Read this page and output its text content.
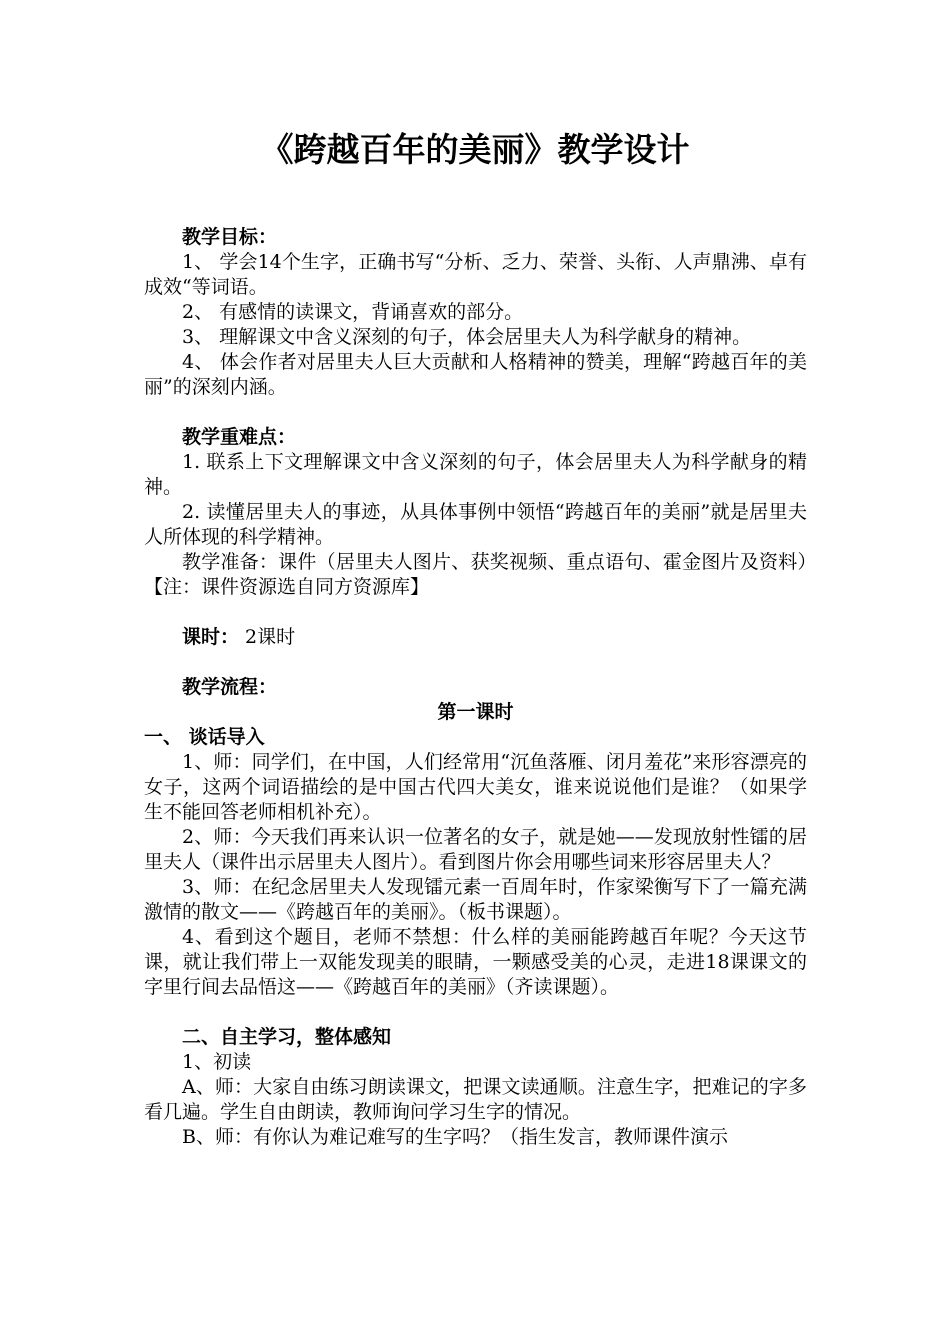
《跨越百年的美丽》教学设计

教学目标：

1、 学会14个生字，正确书写“分析、乏力、荣誉、头衔、人声鼎沸、卓有成效“等词语。

2、 有感情的读课文，背诵喜欢的部分。

3、 理解课文中含义深刻的句子，体会居里夫人为科学献身的精神。

4、 体会作者对居里夫人巨大贡献和人格精神的赞美，理解“跨越百年的美丽”的深刻内涵。

教学重难点：

1. 联系上下文理解课文中含义深刻的句子，体会居里夫人为科学献身的精神。

2. 读懂居里夫人的事迹，从具体事例中领悟“跨越百年的美丽”就是居里夫人所体现的科学精神。

教学准备：课件（居里夫人图片、获奖视频、重点语句、霍金图片及资料）【注：课件资源选自同方资源库】

课时： 2课时

教学流程：

第一课时

一、 谈话导入

1、师：同学们，在中国，人们经常用“沉鱼落雁、闭月羞花”来形容漂亮的女子，这两个词语描绘的是中国古代四大美女，谁来说说他们是谁？（如果学生不能回答老师相机补充）。

2、师：今天我们再来认识一位著名的女子，就是她——发现放射性镭的居里夫人（课件出示居里夫人图片）。看到图片你会用哪些词来形容居里夫人？

3、师：在纪念居里夫人发现镭元素一百周年时，作家梁衡写下了一篇充满激情的散文——《跨越百年的美丽》。（板书课题）。

4、看到这个题目，老师不禁想：什么样的美丽能跨越百年呢？今天这节课，就让我们带上一双能发现美的眼睛，一颗感受美的心灵，走进18课课文的字里行间去品悟这——《跨越百年的美丽》（齐读课题）。

二、自主学习，整体感知

1、初读

A、师：大家自由练习朗读课文，把课文读通顺。注意生字，把难记的字多看几遍。学生自由朗读，教师询问学习生字的情况。

B、师：有你认为难记难写的生字吗？（指生发言，教师课件演示
